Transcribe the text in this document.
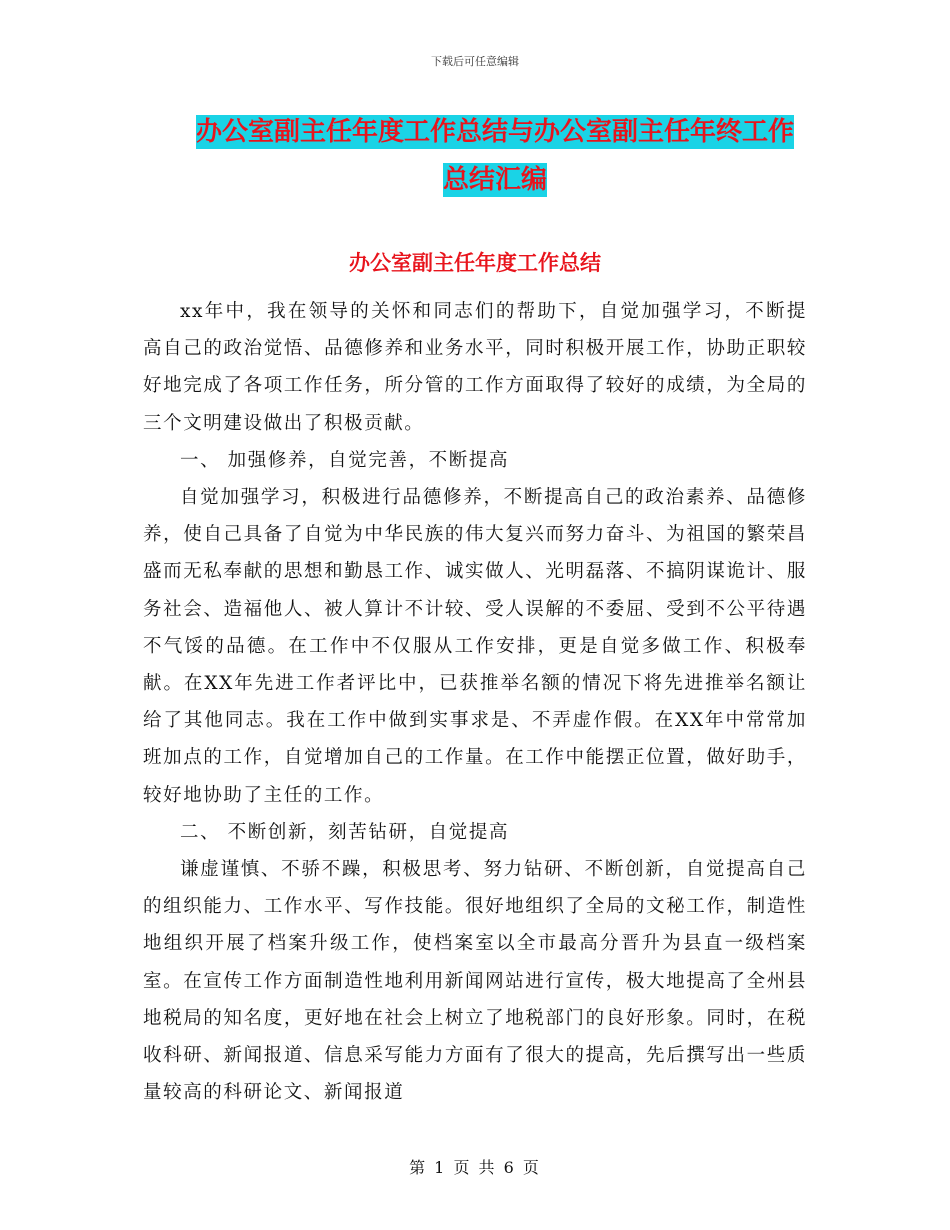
下载后可任意编辑
办公室副主任年度工作总结与办公室副主任年终工作
总结汇编
办公室副主任年度工作总结

xx年中，我在领导的关怀和同志们的帮助下，自觉加强学习，不断提高自己的政治觉悟、品德修养和业务水平，同时积极开展工作，协助正职较好地完成了各项工作任务，所分管的工作方面取得了较好的成绩，为全局的三个文明建设做出了积极贡献。

一、 加强修养，自觉完善，不断提高

自觉加强学习，积极进行品德修养，不断提高自己的政治素养、品德修养，使自己具备了自觉为中华民族的伟大复兴而努力奋斗、为祖国的繁荣昌盛而无私奉献的思想和勤恳工作、诚实做人、光明磊落、不搞阴谋诡计、服务社会、造福他人、被人算计不计较、受人误解的不委屈、受到不公平待遇不气馁的品德。在工作中不仅服从工作安排，更是自觉多做工作、积极奉献。在XX年先进工作者评比中，已获推举名额的情况下将先进推举名额让给了其他同志。我在工作中做到实事求是、不弄虚作假。在XX年中常常加班加点的工作，自觉增加自己的工作量。在工作中能摆正位置，做好助手，较好地协助了主任的工作。

二、 不断创新，刻苦钻研，自觉提高

谦虚谨慎、不骄不躁，积极思考、努力钻研、不断创新，自觉提高自己的组织能力、工作水平、写作技能。很好地组织了全局的文秘工作，制造性地组织开展了档案升级工作，使档案室以全市最高分晋升为县直一级档案室。在宣传工作方面制造性地利用新闻网站进行宣传，极大地提高了全州县地税局的知名度，更好地在社会上树立了地税部门的良好形象。同时，在税收科研、新闻报道、信息采写能力方面有了很大的提高，先后撰写出一些质量较高的科研论文、新闻报道

第 1 页 共 6 页
